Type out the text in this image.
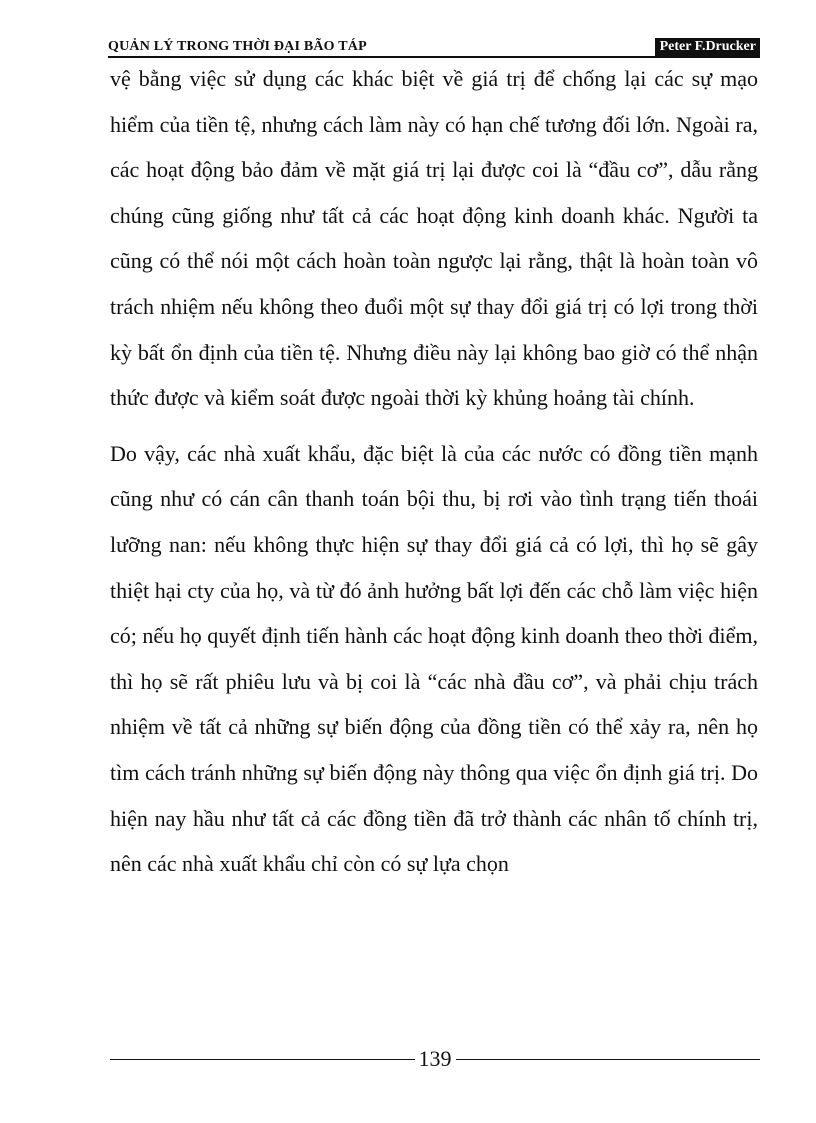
QUẢN LÝ TRONG THỜI ĐẠI BÃO TÁP	Peter F.Drucker

vệ bằng việc sử dụng các khác biệt về giá trị để chống lại các sự mạo hiểm của tiền tệ, nhưng cách làm này có hạn chế tương đối lớn. Ngoài ra, các hoạt động bảo đảm về mặt giá trị lại được coi là “đầu cơ”, dẫu rằng chúng cũng giống như tất cả các hoạt động kinh doanh khác. Người ta cũng có thể nói một cách hoàn toàn ngược lại rằng, thật là hoàn toàn vô trách nhiệm nếu không theo đuổi một sự thay đổi giá trị có lợi trong thời kỳ bất ổn định của tiền tệ. Nhưng điều này lại không bao giờ có thể nhận thức được và kiểm soát được ngoài thời kỳ khủng hoảng tài chính.

Do vậy, các nhà xuất khẩu, đặc biệt là của các nước có đồng tiền mạnh cũng như có cán cân thanh toán bội thu, bị rơi vào tình trạng tiến thoái lưỡng nan: nếu không thực hiện sự thay đổi giá cả có lợi, thì họ sẽ gây thiệt hại cty của họ, và từ đó ảnh hưởng bất lợi đến các chỗ làm việc hiện có; nếu họ quyết định tiến hành các hoạt động kinh doanh theo thời điểm, thì họ sẽ rất phiêu lưu và bị coi là “các nhà đầu cơ”, và phải chịu trách nhiệm về tất cả những sự biến động của đồng tiền có thể xảy ra, nên họ tìm cách tránh những sự biến động này thông qua việc ổn định giá trị. Do hiện nay hầu như tất cả các đồng tiền đã trở thành các nhân tố chính trị, nên các nhà xuất khẩu chỉ còn có sự lựa chọn

139
